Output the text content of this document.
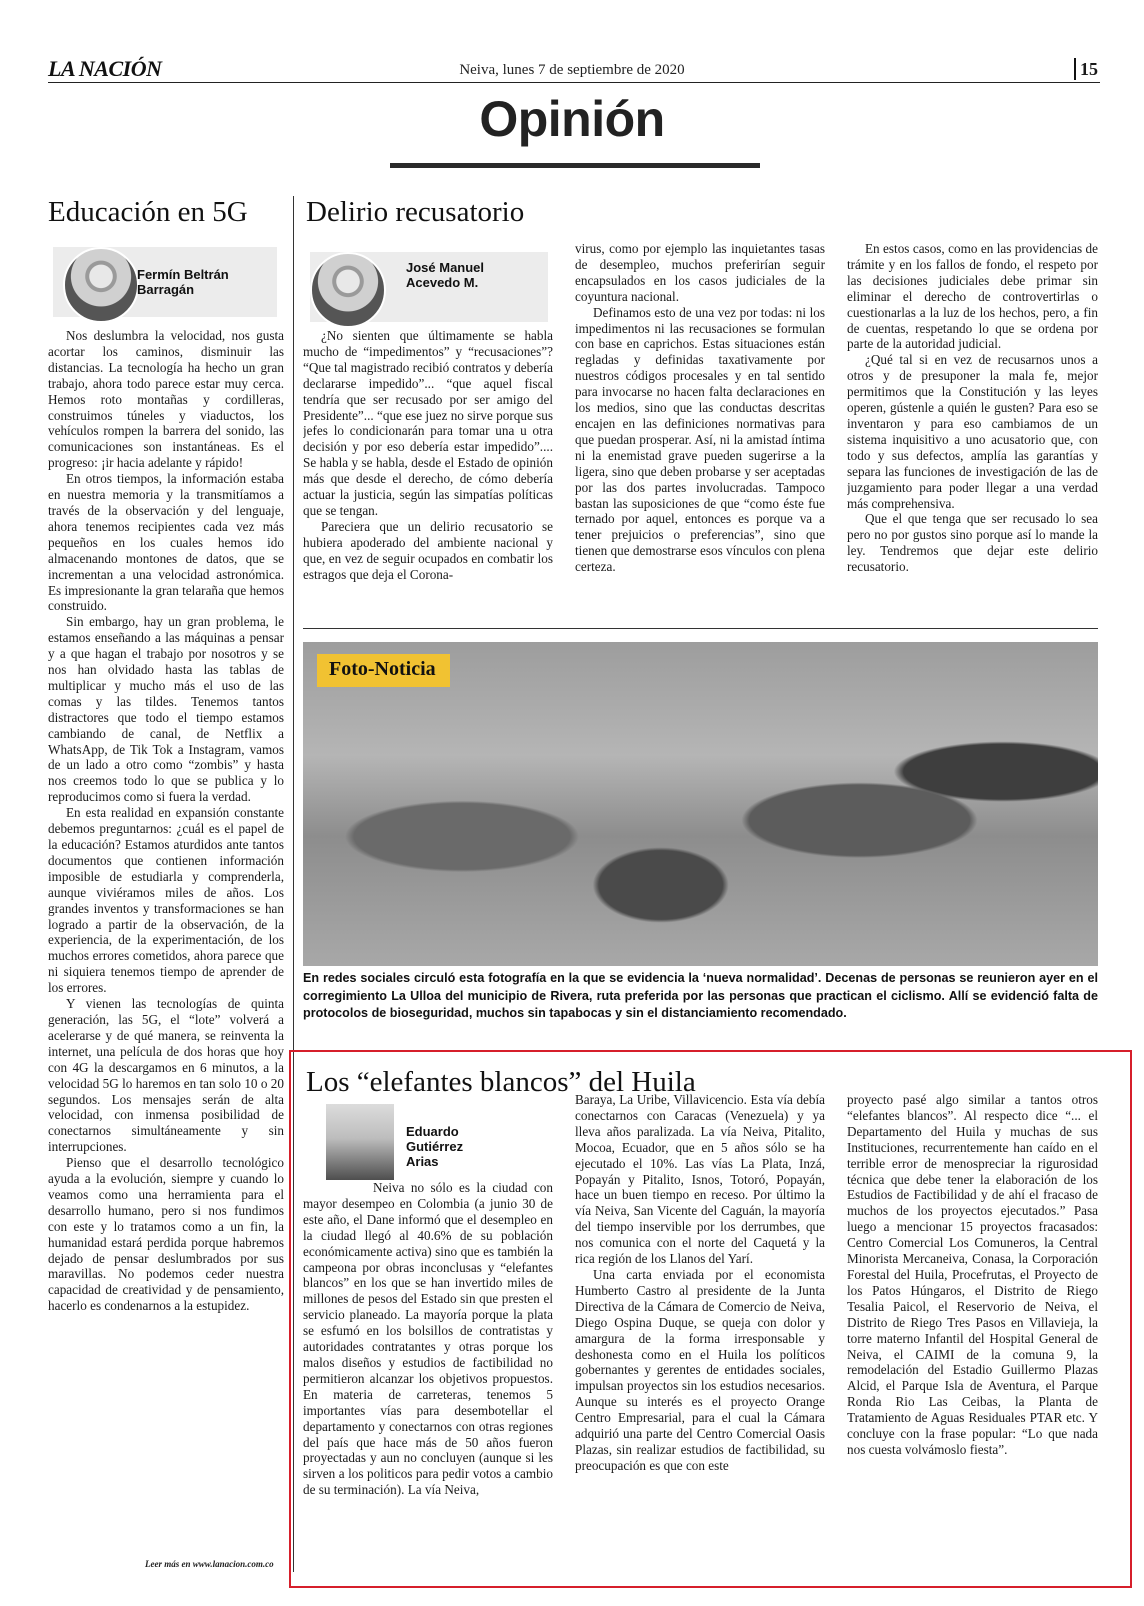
LA NACIÓN	Neiva, lunes 7 de septiembre de 2020	15
Opinión
Educación en 5G
Fermín Beltrán
Barragán

Nos deslumbra la velocidad, nos gusta acortar los caminos, disminuir las distancias. La tecnología ha hecho un gran trabajo, ahora todo parece estar muy cerca. Hemos roto montañas y cordilleras, construimos túneles y viaductos, los vehículos rompen la barrera del sonido, las comunicaciones son instantáneas. Es el progreso: ¡ir hacia adelante y rápido!

En otros tiempos, la información estaba en nuestra memoria y la transmitíamos a través de la observación y del lenguaje, ahora tenemos recipientes cada vez más pequeños en los cuales hemos ido almacenando montones de datos, que se incrementan a una velocidad astronómica. Es impresionante la gran telaraña que hemos construido.

Sin embargo, hay un gran problema, le estamos enseñando a las máquinas a pensar y a que hagan el trabajo por nosotros y se nos han olvidado hasta las tablas de multiplicar y mucho más el uso de las comas y las tildes. Tenemos tantos distractores que todo el tiempo estamos cambiando de canal, de Netflix a WhatsApp, de Tik Tok a Instagram, vamos de un lado a otro como “zombis” y hasta nos creemos todo lo que se publica y lo reproducimos como si fuera la verdad.

En esta realidad en expansión constante debemos preguntarnos: ¿cuál es el papel de la educación? Estamos aturdidos ante tantos documentos que contienen información imposible de estudiarla y comprenderla, aunque viviéramos miles de años. Los grandes inventos y transformaciones se han logrado a partir de la observación, de la experiencia, de la experimentación, de los muchos errores cometidos, ahora parece que ni siquiera tenemos tiempo de aprender de los errores.

Y vienen las tecnologías de quinta generación, las 5G, el “lote” volverá a acelerarse y de qué manera, se reinventa la internet, una película de dos horas que hoy con 4G la descargamos en 6 minutos, a la velocidad 5G lo haremos en tan solo 10 o 20 segundos. Los mensajes serán de alta velocidad, con inmensa posibilidad de conectarnos simultáneamente y sin interrupciones.

Pienso que el desarrollo tecnológico ayuda a la evolución, siempre y cuando lo veamos como una herramienta para el desarrollo humano, pero si nos fundimos con este y lo tratamos como a un fin, la humanidad estará perdida porque habremos dejado de pensar deslumbrados por sus maravillas. No podemos ceder nuestra capacidad de creatividad y de pensamiento, hacerlo es condenarnos a la estupidez.

Leer más en www.lanacion.com.co
Delirio recusatorio
José Manuel
Acevedo M.

¿No sienten que últimamente se habla mucho de “impedimentos” y “recusaciones”? “Que tal magistrado recibió contratos y debería declararse impedido”... “que aquel fiscal tendría que ser recusado por ser amigo del Presidente”... “que ese juez no sirve porque sus jefes lo condicionarán para tomar una u otra decisión y por eso debería estar impedido”.... Se habla y se habla, desde el Estado de opinión más que desde el derecho, de cómo debería actuar la justicia, según las simpatías políticas que se tengan.

Pareciera que un delirio recusatorio se hubiera apoderado del ambiente nacional y que, en vez de seguir ocupados en combatir los estragos que deja el Corona-

virus, como por ejemplo las inquietantes tasas de desempleo, muchos preferirían seguir encapsulados en los casos judiciales de la coyuntura nacional.

Definamos esto de una vez por todas: ni los impedimentos ni las recusaciones se formulan con base en caprichos. Estas situaciones están regladas y definidas taxativamente por nuestros códigos procesales y en tal sentido para invocarse no hacen falta declaraciones en los medios, sino que las conductas descritas encajen en las definiciones normativas para que puedan prosperar. Así, ni la amistad íntima ni la enemistad grave pueden sugerirse a la ligera, sino que deben probarse y ser aceptadas por las dos partes involucradas. Tampoco bastan las suposiciones de que “como éste fue ternado por aquel, entonces es porque va a tener prejuicios o preferencias”, sino que tienen que demostrarse esos vínculos con plena certeza.

En estos casos, como en las providencias de trámite y en los fallos de fondo, el respeto por las decisiones judiciales debe primar sin eliminar el derecho de controvertirlas o cuestionarlas a la luz de los hechos, pero, a fin de cuentas, respetando lo que se ordena por parte de la autoridad judicial.

¿Qué tal si en vez de recusarnos unos a otros y de presuponer la mala fe, mejor permitimos que la Constitución y las leyes operen, gústenle a quién le gusten? Para eso se inventaron y para eso cambiamos de un sistema inquisitivo a uno acusatorio que, con todo y sus defectos, amplía las garantías y separa las funciones de investigación de las de juzgamiento para poder llegar a una verdad más comprehensiva.

Que el que tenga que ser recusado lo sea pero no por gustos sino porque así lo mande la ley. Tendremos que dejar este delirio recusatorio.

Foto-Noticia
En redes sociales circuló esta fotografía en la que se evidencia la ‘nueva normalidad’. Decenas de personas se reunieron ayer en el corregimiento La Ulloa del municipio de Rivera, ruta preferida por las personas que practican el ciclismo. Allí se evidenció falta de protocolos de bioseguridad, muchos sin tapabocas y sin el distanciamiento recomendado.
Los “elefantes blancos” del Huila
Eduardo
Gutiérrez
Arias

Neiva no sólo es la ciudad con mayor desempeo en Colombia (a junio 30 de este año, el Dane informó que el desempleo en la ciudad llegó al 40.6% de su población económicamente activa) sino que es también la campeona por obras inconclusas y “elefantes blancos” en los que se han invertido miles de millones de pesos del Estado sin que presten el servicio planeado. La mayoría porque la plata se esfumó en los bolsillos de contratistas y autoridades contratantes y otras porque los malos diseños y estudios de factibilidad no permitieron alcanzar los objetivos propuestos. En materia de carreteras, tenemos 5 importantes vías para desembotellar el departamento y conectarnos con otras regiones del país que hace más de 50 años fueron proyectadas y aun no concluyen (aunque si les sirven a los politicos para pedir votos a cambio de su terminación). La vía Neiva,

Baraya, La Uribe, Villavicencio. Esta vía debía conectarnos con Caracas (Venezuela) y ya lleva años paralizada. La vía Neiva, Pitalito, Mocoa, Ecuador, que en 5 años sólo se ha ejecutado el 10%. Las vías La Plata, Inzá, Popayán y Pitalito, Isnos, Totoró, Popayán, hace un buen tiempo en receso. Por último la vía Neiva, San Vicente del Caguán, la mayoría del tiempo inservible por los derrumbes, que nos comunica con el norte del Caquetá y la rica región de los Llanos del Yarí.

Una carta enviada por el economista Humberto Castro al presidente de la Junta Directiva de la Cámara de Comercio de Neiva, Diego Ospina Duque, se queja con dolor y amargura de la forma irresponsable y deshonesta como en el Huila los políticos gobernantes y gerentes de entidades sociales, impulsan proyectos sin los estudios necesarios. Aunque su interés es el proyecto Orange Centro Empresarial, para el cual la Cámara adquirió una parte del Centro Comercial Oasis Plazas, sin realizar estudios de factibilidad, su preocupación es que con este

proyecto pasé algo similar a tantos otros “elefantes blancos”. Al respecto dice “... el Departamento del Huila y muchas de sus Instituciones, recurrentemente han caído en el terrible error de menospreciar la rigurosidad técnica que debe tener la elaboración de los Estudios de Factibilidad y de ahí el fracaso de muchos de los proyectos ejecutados.” Pasa luego a mencionar 15 proyectos fracasados: Centro Comercial Los Comuneros, la Central Minorista Mercaneiva, Conasa, la Corporación Forestal del Huila, Procefrutas, el Proyecto de los Patos Húngaros, el Distrito de Riego Tesalia Paicol, el Reservorio de Neiva, el Distrito de Riego Tres Pasos en Villavieja, la torre materno Infantil del Hospital General de Neiva, el CAIMI de la comuna 9, la remodelación del Estadio Guillermo Plazas Alcid, el Parque Isla de Aventura, el Parque Ronda Rio Las Ceibas, la Planta de Tratamiento de Aguas Residuales PTAR etc. Y concluye con la frase popular: “Lo que nada nos cuesta volvámoslo fiesta”.
